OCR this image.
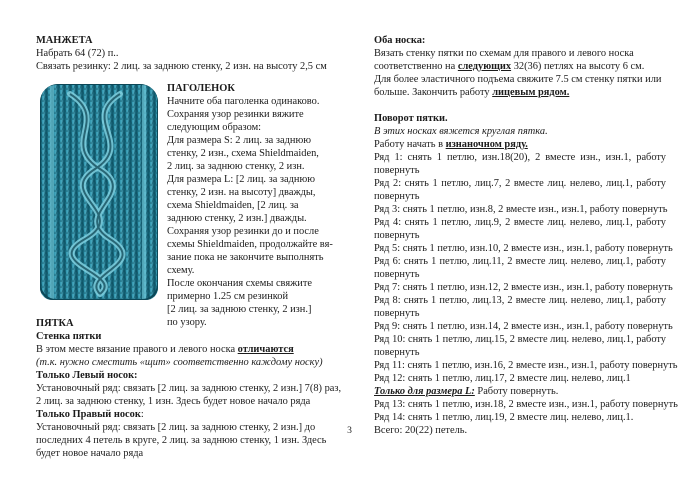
МАНЖЕТА
Набрать 64 (72) п..
Связать резинку: 2 лиц. за заднюю стенку, 2 изн. на высоту 2,5 см
ПАГОЛЕНОК
Начните оба паголенка одинаково.
Сохраняя узор резинки вяжите
следующим образом:
Для размера S: 2 лиц. за заднюю
стенку, 2 изн., схема Shieldmaiden,
2 лиц. за заднюю стенку, 2 изн.
Для размера L: [2 лиц. за заднюю
стенку, 2 изн. на высоту] дважды,
схема Shieldmaiden, [2 лиц. за
заднюю стенку, 2 изн.] дважды.
Сохраняя узор резинки до и после
схемы Shieldmaiden, продолжайте вя-
зание пока не закончите выполнять
схему.
После окончания схемы свяжите
примерно 1.25 см резинкой
[2 лиц. за заднюю стенку, 2 изн.]
по узору.
ПЯТКА
Стенка пятки
В этом месте вязание правого и левого носка отличаются
(т.к. нужно сместить «щит» соответственно каждому носку)
Только Левый носок:
Установочный ряд: связать [2 лиц. за заднюю стенку, 2 изн.] 7(8) раз,
2 лиц. за заднюю стенку, 1 изн. Здесь будет новое начало ряда
Только Правый носок:
Установочный ряд: связать [2 лиц. за заднюю стенку, 2 изн.] до
последних 4 петель в круге, 2 лиц. за заднюю стенку, 1 изн. Здесь
будет новое начало ряда
Оба носка:
Вязать стенку пятки по схемам для правого и левого носка
соответственно на следующих 32(36) петлях на высоту 6 см.
Для более эластичного подъема свяжите 7.5 см стенку пятки или
больше. Закончить работу лицевым рядом.
Поворот пятки.
В этих носках вяжется круглая пятка.
Работу начать в изнаночном ряду.
Ряд 1: снять 1 петлю, изн.18(20), 2 вместе изн., изн.1, работу
повернуть
Ряд 2: снять 1 петлю, лиц.7, 2 вместе лиц. нелево, лиц.1, работу
повернуть
Ряд 3: снять 1 петлю, изн.8, 2 вместе изн., изн.1, работу повернуть
Ряд 4: снять 1 петлю, лиц.9, 2 вместе лиц. нелево, лиц.1, работу
повернуть
Ряд 5: снять 1 петлю, изн.10, 2 вместе изн., изн.1, работу повернуть
Ряд 6: снять 1 петлю, лиц.11, 2 вместе лиц. нелево, лиц.1, работу
повернуть
Ряд 7: снять 1 петлю, изн.12, 2 вместе изн., изн.1, работу повернуть
Ряд 8: снять 1 петлю, лиц.13, 2 вместе лиц. нелево, лиц.1, работу
повернуть
Ряд 9: снять 1 петлю, изн.14, 2 вместе изн., изн.1, работу повернуть
Ряд 10: снять 1 петлю, лиц.15, 2 вместе лиц. нелево, лиц.1, работу
повернуть
Ряд 11: снять 1 петлю, изн.16, 2 вместе изн., изн.1, работу повернуть
Ряд 12: снять 1 петлю, лиц.17, 2 вместе лиц. нелево, лиц.1
Только для размера L: Работу повернуть.
Ряд 13: снять 1 петлю, изн.18, 2 вместе изн., изн.1, работу повернуть
Ряд 14: снять 1 петлю, лиц.19, 2 вместе лиц. нелево, лиц.1.
Всего: 20(22) петель.
3
